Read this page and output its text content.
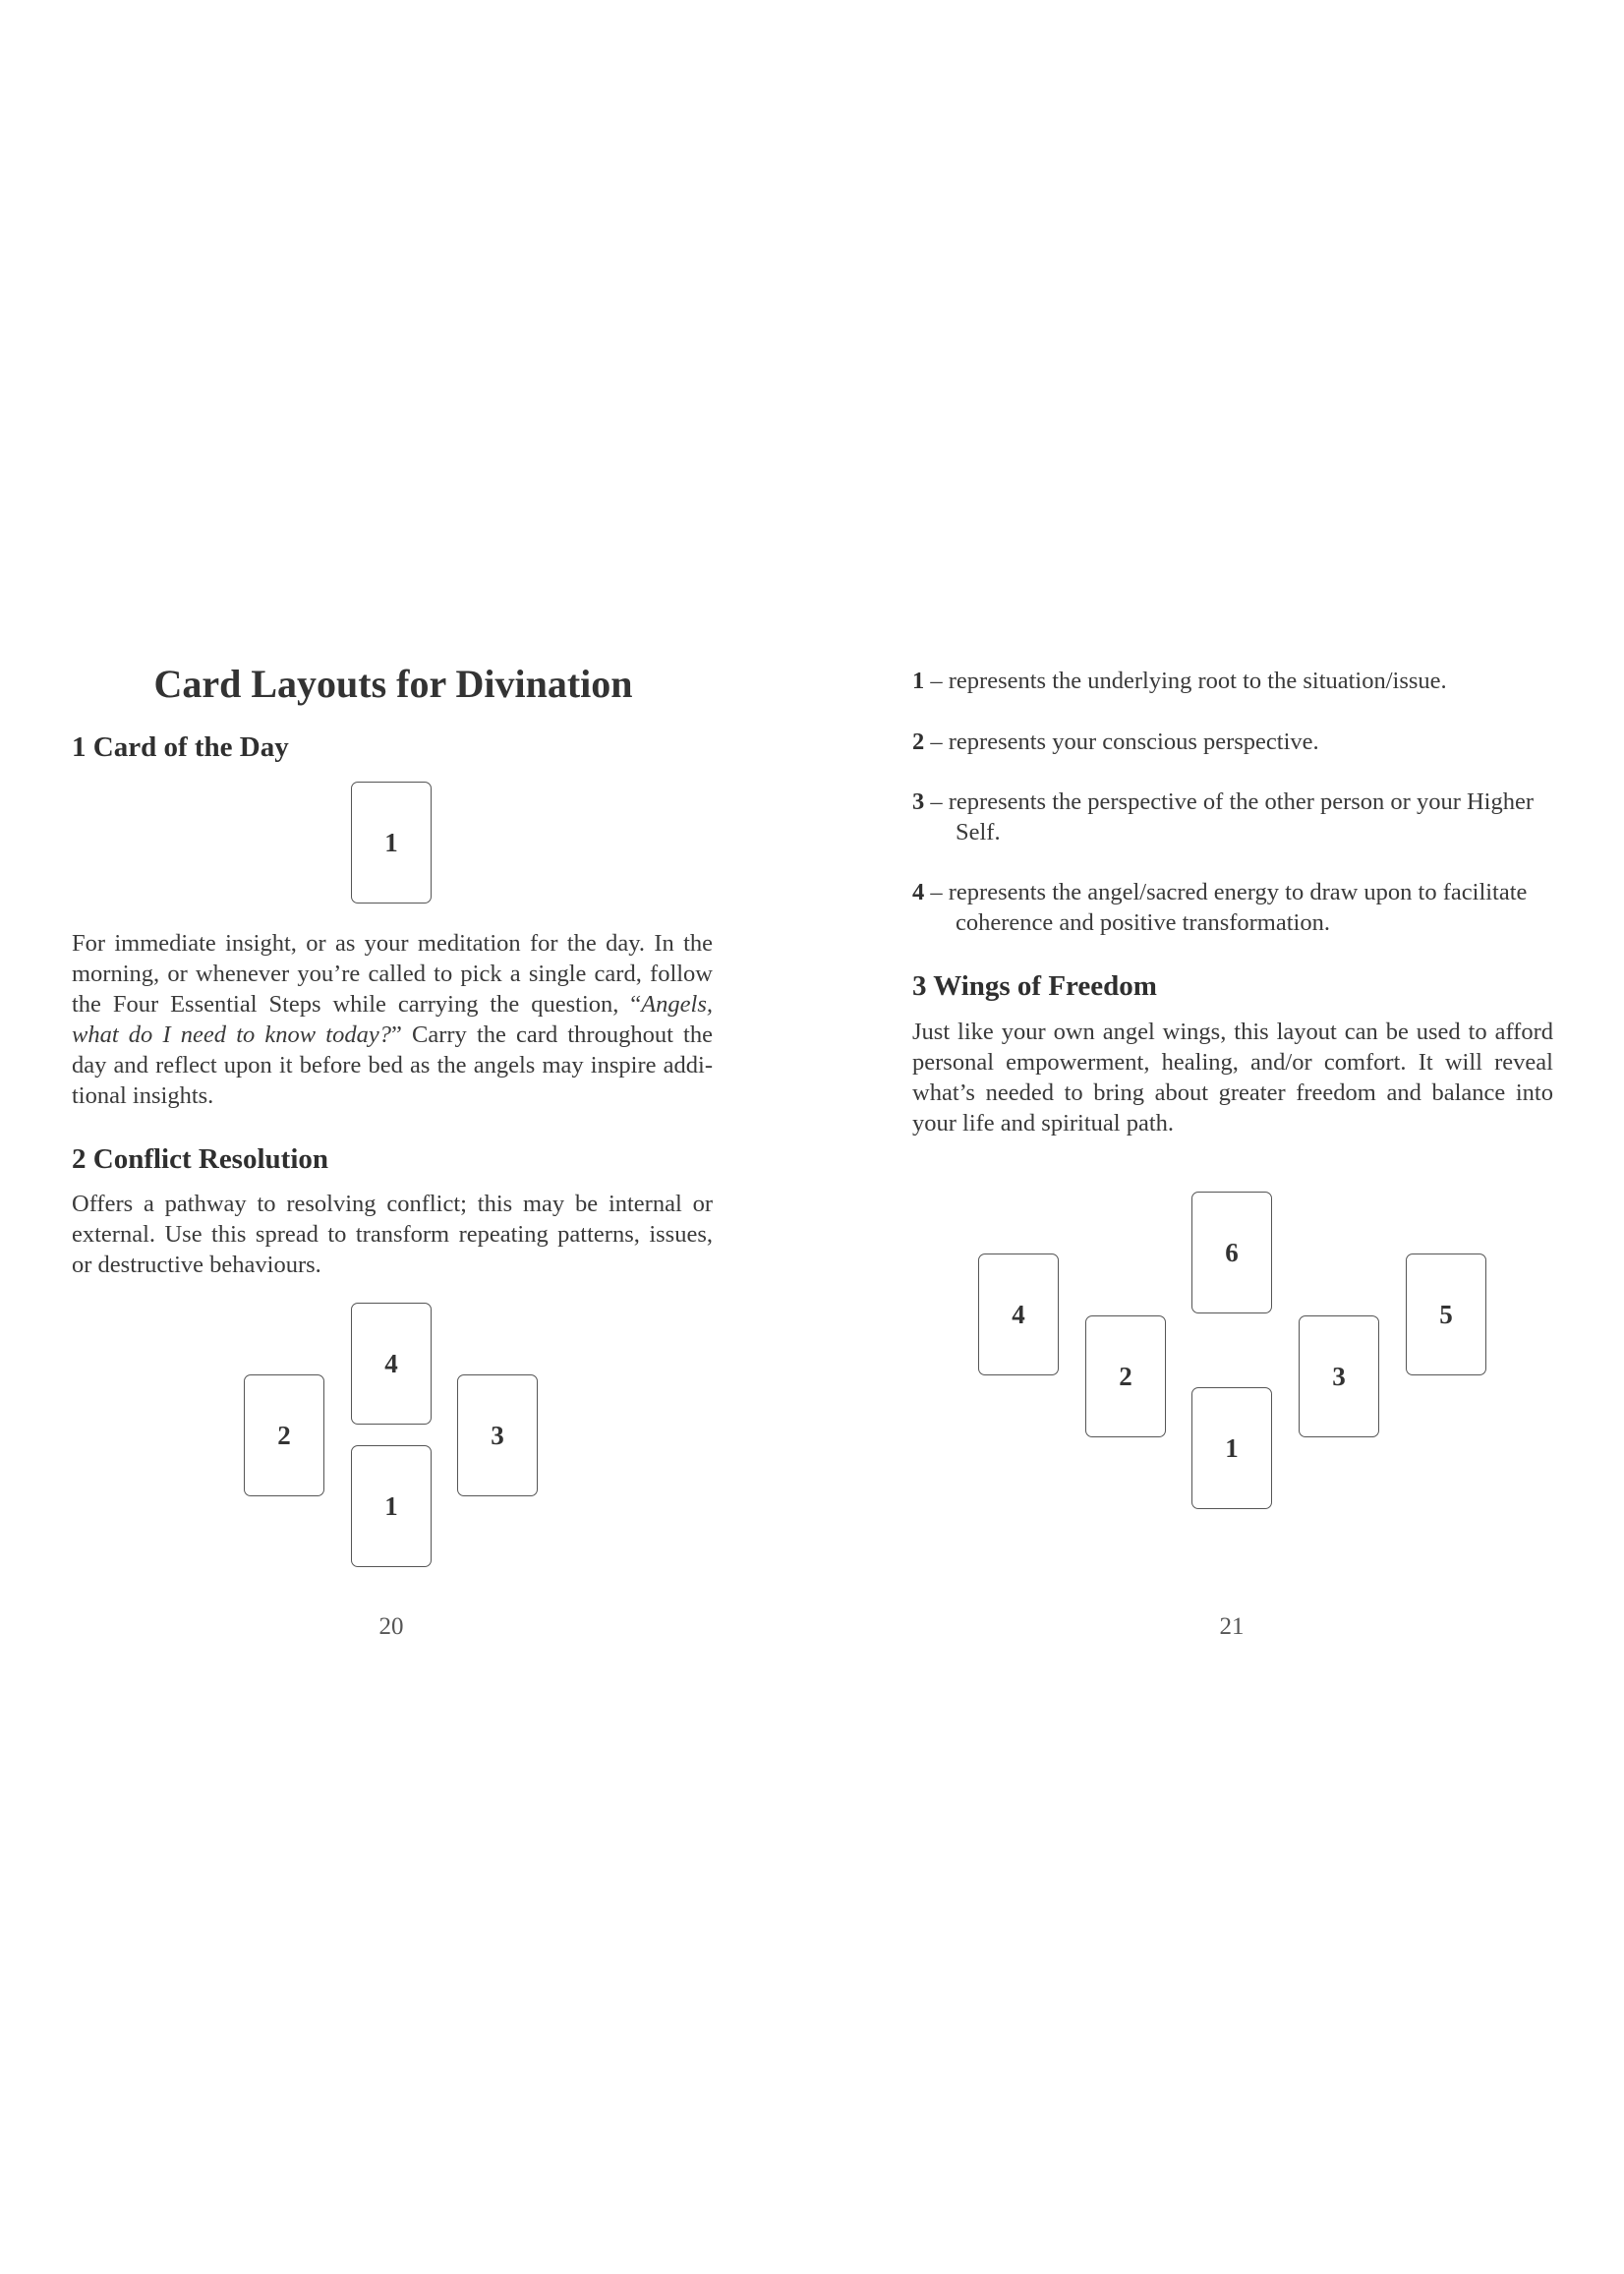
Card Layouts for Divination
1 Card of the Day
1
For immediate insight, or as your meditation for the day. In the
morning, or whenever you’re called to pick a single card, follow
the Four Essential Steps while carrying the question, “Angels,
what do I need to know today?” Carry the card throughout the
day and reflect upon it before bed as the angels may inspire addi-
tional insights.
2 Conflict Resolution
Offers a pathway to resolving conflict; this may be internal or
external. Use this spread to transform repeating patterns, issues,
or destructive behaviours.
4
2	3
1
20
1 – represents the underlying root to the situation/issue.
2 – represents your conscious perspective.
3 – represents the perspective of the other person or your Higher
Self.
4 – represents the angel/sacred energy to draw upon to facilitate
coherence and positive transformation.
3 Wings of Freedom
Just like your own angel wings, this layout can be used to afford
personal empowerment, healing, and/or comfort. It will reveal
what’s needed to bring about greater freedom and balance into
your life and spiritual path.
6
4	5
2	3
1
21
